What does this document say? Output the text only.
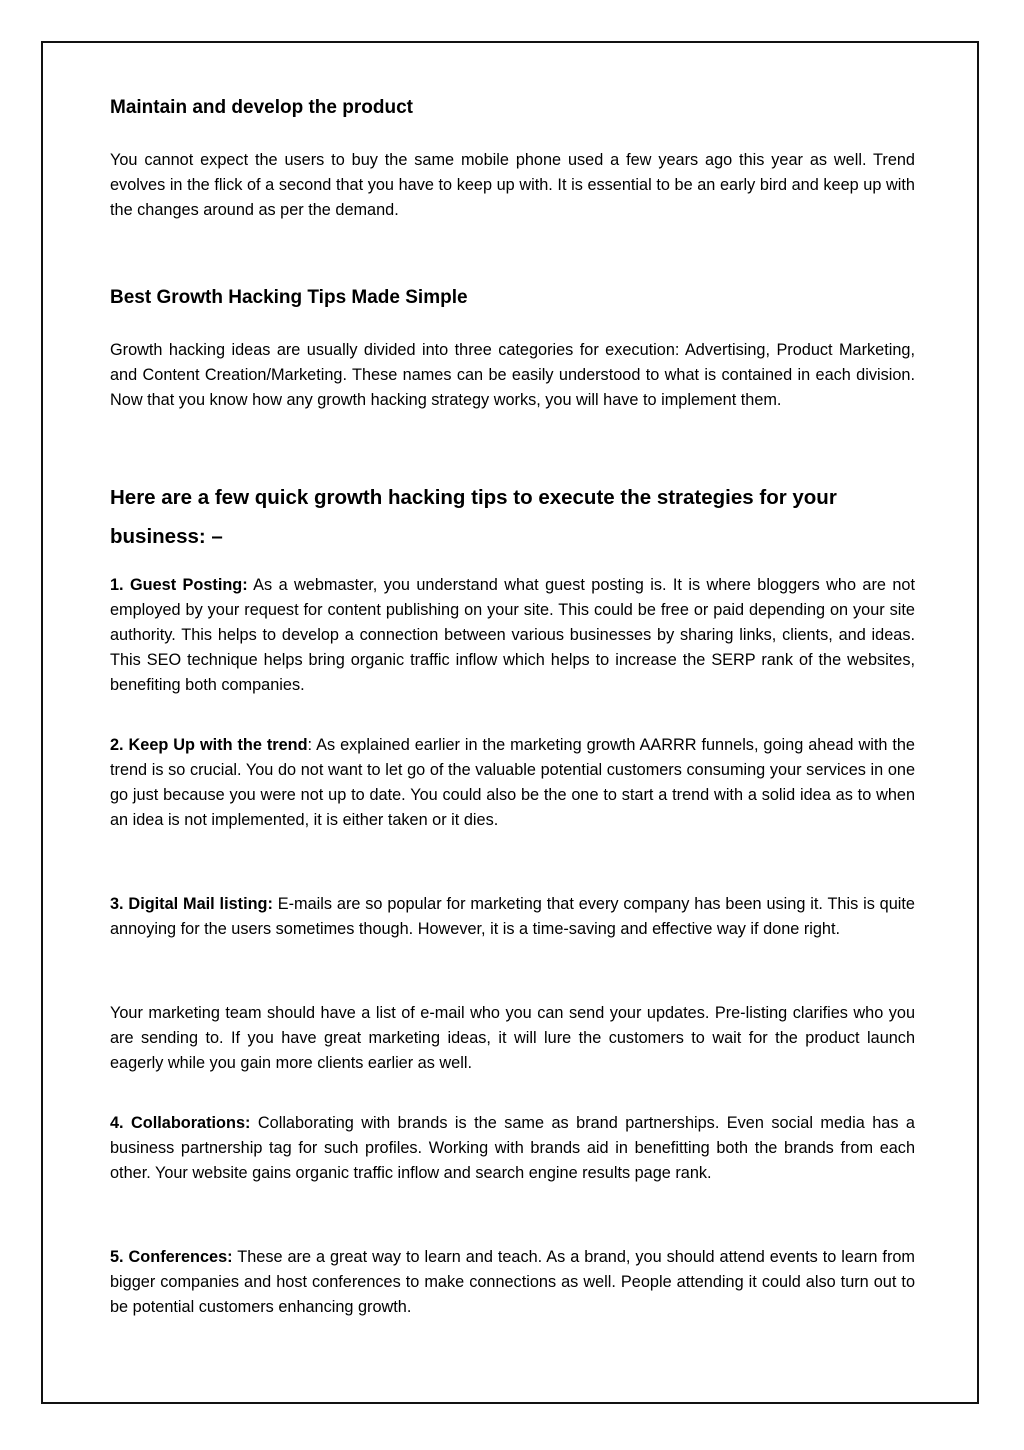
Maintain and develop the product

You cannot expect the users to buy the same mobile phone used a few years ago this year as well. Trend evolves in the flick of a second that you have to keep up with. It is essential to be an early bird and keep up with the changes around as per the demand.

Best Growth Hacking Tips Made Simple

Growth hacking ideas are usually divided into three categories for execution: Advertising, Product Marketing, and Content Creation/Marketing. These names can be easily understood to what is contained in each division. Now that you know how any growth hacking strategy works, you will have to implement them.

Here are a few quick growth hacking tips to execute the strategies for your business: –

1. Guest Posting: As a webmaster, you understand what guest posting is. It is where bloggers who are not employed by your request for content publishing on your site. This could be free or paid depending on your site authority. This helps to develop a connection between various businesses by sharing links, clients, and ideas. This SEO technique helps bring organic traffic inflow which helps to increase the SERP rank of the websites, benefiting both companies.

2. Keep Up with the trend: As explained earlier in the marketing growth AARRR funnels, going ahead with the trend is so crucial. You do not want to let go of the valuable potential customers consuming your services in one go just because you were not up to date. You could also be the one to start a trend with a solid idea as to when an idea is not implemented, it is either taken or it dies.

3. Digital Mail listing: E-mails are so popular for marketing that every company has been using it. This is quite annoying for the users sometimes though. However, it is a time-saving and effective way if done right.

Your marketing team should have a list of e-mail who you can send your updates. Pre-listing clarifies who you are sending to. If you have great marketing ideas, it will lure the customers to wait for the product launch eagerly while you gain more clients earlier as well.

4. Collaborations: Collaborating with brands is the same as brand partnerships. Even social media has a business partnership tag for such profiles. Working with brands aid in benefitting both the brands from each other. Your website gains organic traffic inflow and search engine results page rank.

5. Conferences: These are a great way to learn and teach. As a brand, you should attend events to learn from bigger companies and host conferences to make connections as well. People attending it could also turn out to be potential customers enhancing growth.
